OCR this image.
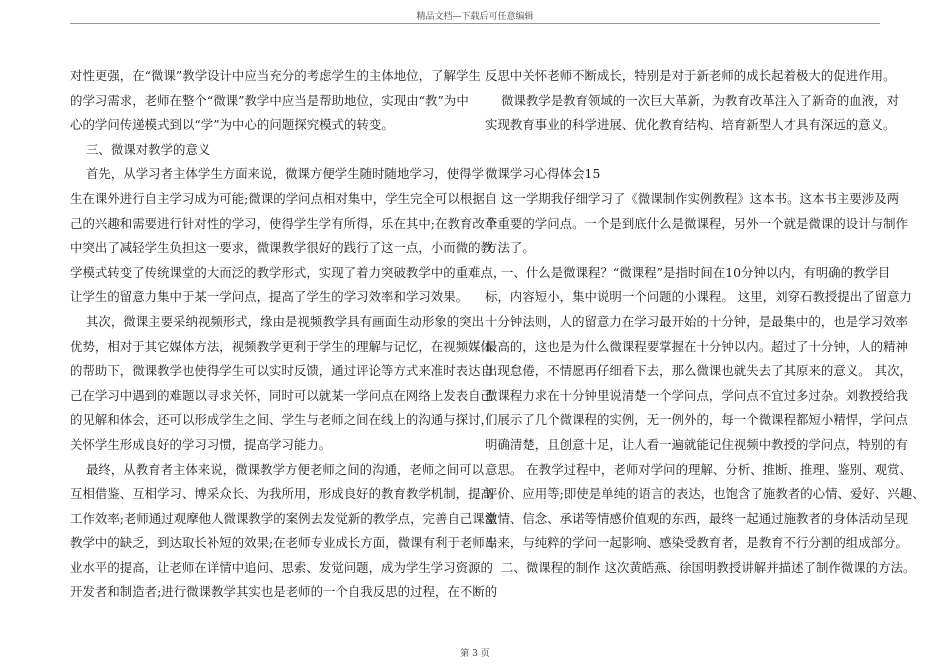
精品文档—下载后可任意编辑

对性更强，在“微课”教学设计中应当充分的考虑学生的主体地位，了解学生

的学习需求，老师在整个“微课”教学中应当是帮助地位，实现由“教”为中

心的学问传递模式到以“学”为中心的问题探究模式的转变。

三、微课对教学的意义

首先，从学习者主体学生方面来说，微课方便学生随时随地学习，使得学

生在课外进行自主学习成为可能;微课的学问点相对集中，学生完全可以根据自

己的兴趣和需要进行针对性的学习，使得学生学有所得，乐在其中;在教育改革

中突出了减轻学生负担这一要求，微课教学很好的践行了这一点，小而微的教

学模式转变了传统课堂的大而泛的教学形式，实现了着力突破教学中的重难点，

让学生的留意力集中于某一学问点，提高了学生的学习效率和学习效果。

其次，微课主要采纳视频形式，缘由是视频教学具有画面生动形象的突出

优势，相对于其它媒体方法，视频教学更利于学生的理解与记忆，在视频媒体

的帮助下，微课教学也使得学生可以实时反馈，通过评论等方式来准时表达自

己在学习中遇到的难题以寻求关怀，同时可以就某一学问点在网络上发表自己

的见解和体会，还可以形成学生之间、学生与老师之间在线上的沟通与探讨，

关怀学生形成良好的学习习惯，提高学习能力。

最终，从教育者主体来说，微课教学方便老师之间的沟通，老师之间可以

互相借鉴、互相学习、博采众长、为我所用，形成良好的教育教学机制，提高

工作效率;老师通过观摩他人微课教学的案例去发觉新的教学点，完善自己课堂

教学中的缺乏，到达取长补短的效果;在老师专业成长方面，微课有利于老师专

业水平的提高，让老师在详情中追问、思索、发觉问题，成为学生学习资源的

开发者和制造者;进行微课教学其实也是老师的一个自我反思的过程，在不断的

反思中关怀老师不断成长，特别是对于新老师的成长起着极大的促进作用。

微课教学是教育领域的一次巨大革新，为教育改革注入了新奇的血液，对

实现教育事业的科学进展、优化教育结构、培育新型人才具有深远的意义。

微课学习心得体会15

这一学期我仔细学习了《微课制作实例教程》这本书。这本书主要涉及两

个重要的学问点。一个是到底什么是微课程，另外一个就是微课的设计与制作

方法了。

一、什么是微课程？“微课程”是指时间在10分钟以内，有明确的教学目

标，内容短小，集中说明一个问题的小课程。 这里，刘穿石教授提出了留意力

十分钟法则，人的留意力在学习最开始的十分钟，是最集中的，也是学习效率

最高的，这也是为什么微课程要掌握在十分钟以内。超过了十分钟，人的精神

出现怠倦，不情愿再仔细看下去，那么微课也就失去了其原来的意义。 其次，

微课程力求在十分钟里说清楚一个学问点，学问点不宜过多过杂。刘教授给我

们展示了几个微课程的实例，无一例外的，每一个微课程都短小精悍，学问点

明确清楚，且创意十足，让人看一遍就能记住视频中教授的学问点，特别的有

意思。 在教学过程中，老师对学问的理解、分析、推断、推理、鉴别、观赏、

评价、应用等;即使是单纯的语言的表达，也饱含了施教者的心情、爱好、兴趣、

激情、信念、承诺等情感价值观的东西，最终一起通过施教者的身体活动呈现

出来，与纯粹的学问一起影响、感染受教育者，是教育不行分割的组成部分。

二、微课程的制作 这次黄皓燕、徐国明教授讲解并描述了制作微课的方法。

第 3 页
